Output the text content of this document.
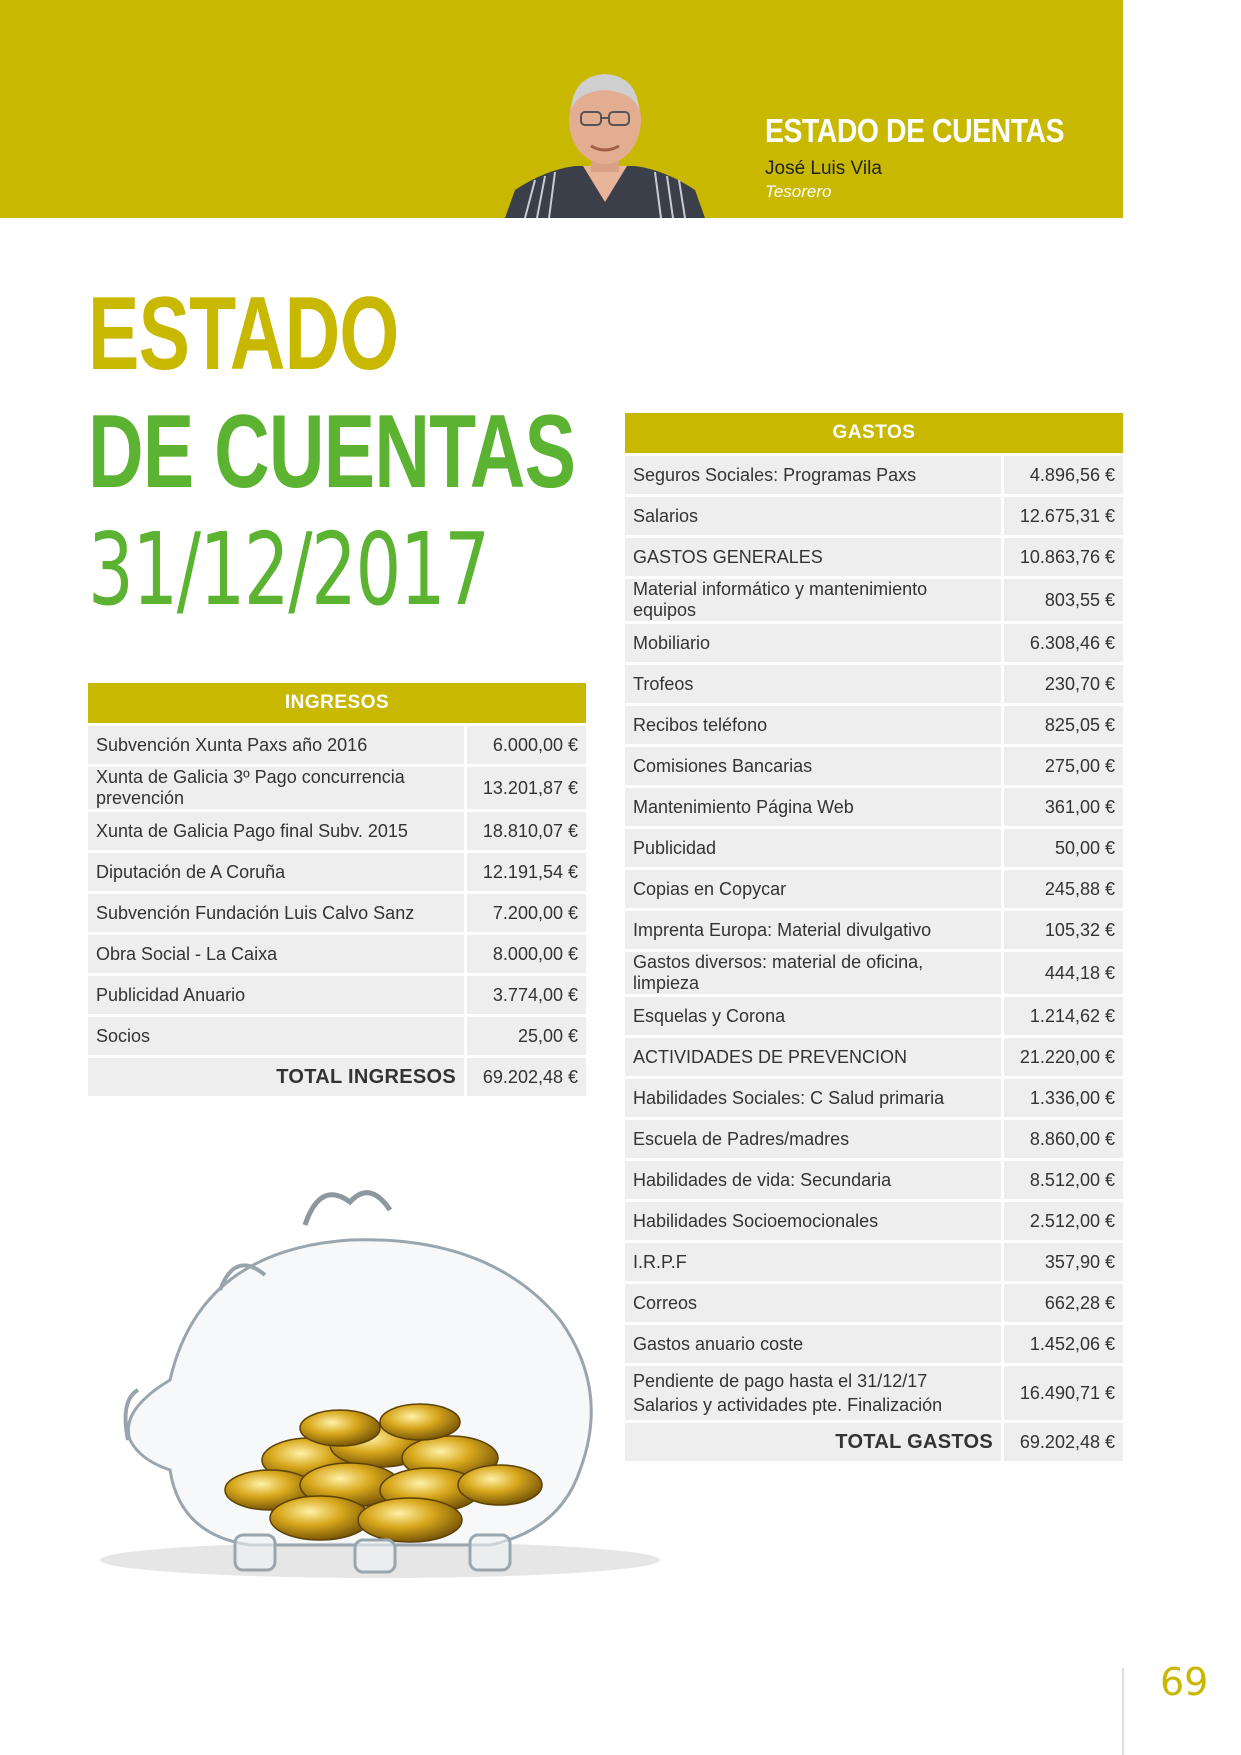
ESTADO DE CUENTAS
José Luis Vila
Tesorero
ESTADO
DE CUENTAS
31/12/2017
INGRESOS	
Subvención Xunta Paxs año 2016	6.000,00 €
Xunta de Galicia 3º Pago concurrencia prevención	13.201,87 €
Xunta de Galicia Pago final Subv. 2015	18.810,07 €
Diputación de A Coruña	12.191,54 €
Subvención Fundación Luis Calvo Sanz	7.200,00 €
Obra Social - La Caixa	8.000,00 €
Publicidad Anuario	3.774,00 €
Socios	25,00 €
TOTAL INGRESOS	69.202,48 €
GASTOS	
Seguros Sociales: Programas Paxs	4.896,56 €
Salarios	12.675,31 €
GASTOS GENERALES	10.863,76 €
Material informático y mantenimiento equipos	803,55 €
Mobiliario	6.308,46 €
Trofeos	230,70 €
Recibos teléfono	825,05 €
Comisiones Bancarias	275,00 €
Mantenimiento Página Web	361,00 €
Publicidad	50,00 €
Copias en Copycar	245,88 €
Imprenta Europa: Material divulgativo	105,32 €
Gastos diversos: material de oficina, limpieza	444,18 €
Esquelas y Corona	1.214,62 €
ACTIVIDADES DE PREVENCION	21.220,00 €
Habilidades Sociales: C Salud primaria	1.336,00 €
Escuela de Padres/madres	8.860,00 €
Habilidades de vida: Secundaria	8.512,00 €
Habilidades Socioemocionales	2.512,00 €
I.R.P.F	357,90 €
Correos	662,28 €
Gastos anuario coste	1.452,06 €

Pendiente de pago hasta el 31/12/17
Salarios y actividades pte. Finalización	16.490,71 €
TOTAL GASTOS	69.202,48 €
69
